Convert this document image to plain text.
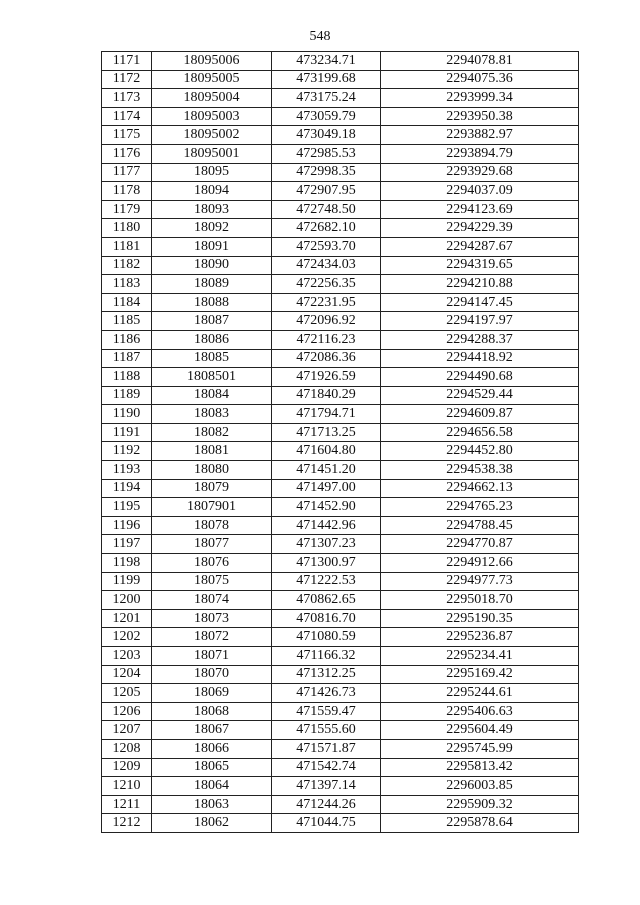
548
1171	18095006	473234.71	2294078.81
1172	18095005	473199.68	2294075.36
1173	18095004	473175.24	2293999.34
1174	18095003	473059.79	2293950.38
1175	18095002	473049.18	2293882.97
1176	18095001	472985.53	2293894.79
1177	18095	472998.35	2293929.68
1178	18094	472907.95	2294037.09
1179	18093	472748.50	2294123.69
1180	18092	472682.10	2294229.39
1181	18091	472593.70	2294287.67
1182	18090	472434.03	2294319.65
1183	18089	472256.35	2294210.88
1184	18088	472231.95	2294147.45
1185	18087	472096.92	2294197.97
1186	18086	472116.23	2294288.37
1187	18085	472086.36	2294418.92
1188	1808501	471926.59	2294490.68
1189	18084	471840.29	2294529.44
1190	18083	471794.71	2294609.87
1191	18082	471713.25	2294656.58
1192	18081	471604.80	2294452.80
1193	18080	471451.20	2294538.38
1194	18079	471497.00	2294662.13
1195	1807901	471452.90	2294765.23
1196	18078	471442.96	2294788.45
1197	18077	471307.23	2294770.87
1198	18076	471300.97	2294912.66
1199	18075	471222.53	2294977.73
1200	18074	470862.65	2295018.70
1201	18073	470816.70	2295190.35
1202	18072	471080.59	2295236.87
1203	18071	471166.32	2295234.41
1204	18070	471312.25	2295169.42
1205	18069	471426.73	2295244.61
1206	18068	471559.47	2295406.63
1207	18067	471555.60	2295604.49
1208	18066	471571.87	2295745.99
1209	18065	471542.74	2295813.42
1210	18064	471397.14	2296003.85
1211	18063	471244.26	2295909.32
1212	18062	471044.75	2295878.64
